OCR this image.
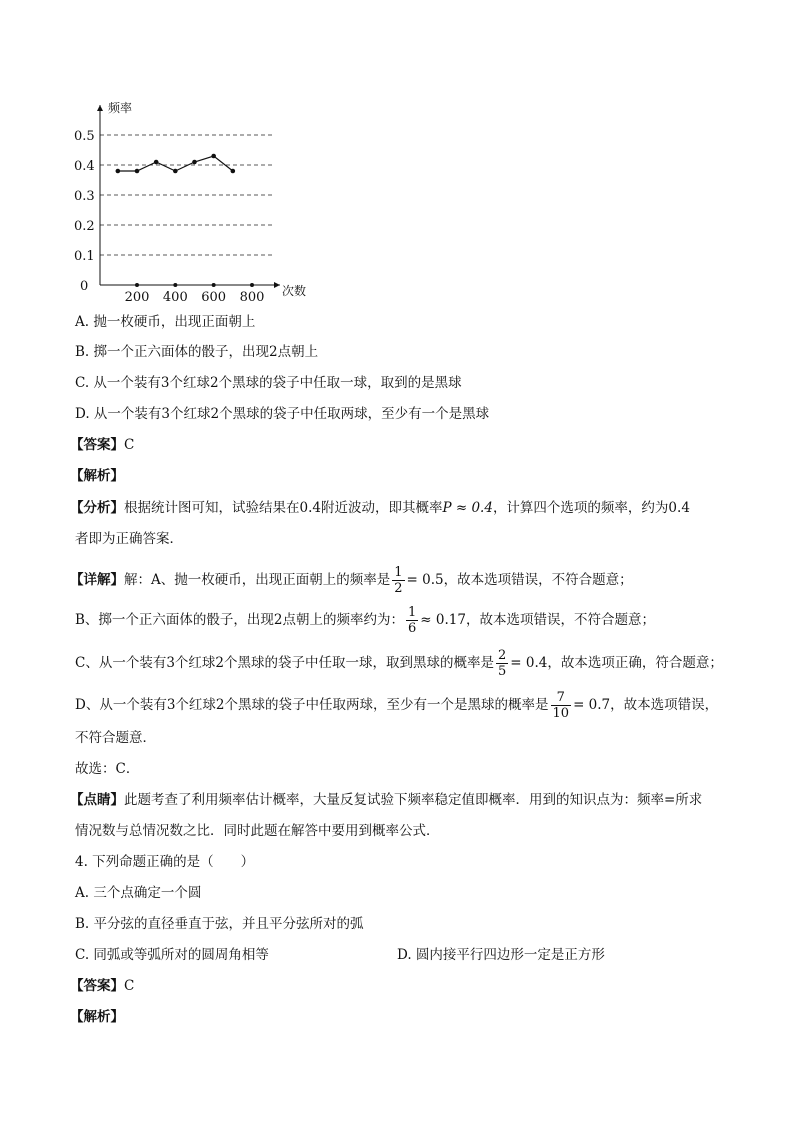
0.5
0.4
0.3
0.2
0.1
0
频率
次数
200 400 600 800
A. 抛一枚硬币，出现正面朝上
B. 掷一个正六面体的骰子，出现2点朝上
C. 从一个装有3个红球2个黑球的袋子中任取一球，取到的是黑球
D. 从一个装有3个红球2个黑球的袋子中任取两球，至少有一个是黑球
【答案】C
【解析】
【分析】根据统计图可知，试验结果在0.4附近波动，即其概率P ≈ 0.4，计算四个选项的频率，约为0.4
者即为正确答案．
【详解】解：A、抛一枚硬币，出现正面朝上的频率是 $\frac{1}{2} = 0.5$，故本选项错误，不符合题意；
B、掷一个正六面体的骰子，出现2点朝上的频率约为： $\frac{1}{6} \approx 0.17$，故本选项错误，不符合题意；
C、从一个装有3个红球2个黑球的袋子中任取一球，取到黑球的概率是 $\frac{2}{5} = 0.4$，故本选项正确，符合题意；
D、从一个装有3个红球2个黑球的袋子中任取两球，至少有一个是黑球的概率是 $\frac{7}{10} = 0.7$，故本选项错误，
不符合题意．
故选：C．
【点睛】此题考查了利用频率估计概率，大量反复试验下频率稳定值即概率．用到的知识点为：频率=所求
情况数与总情况数之比．同时此题在解答中要用到概率公式．
4. 下列命题正确的是（　　）
A. 三个点确定一个圆
B. 平分弦的直径垂直于弦，并且平分弦所对的弧
C. 同弧或等弧所对的圆周角相等	D. 圆内接平行四边形一定是正方形
【答案】C
【解析】
